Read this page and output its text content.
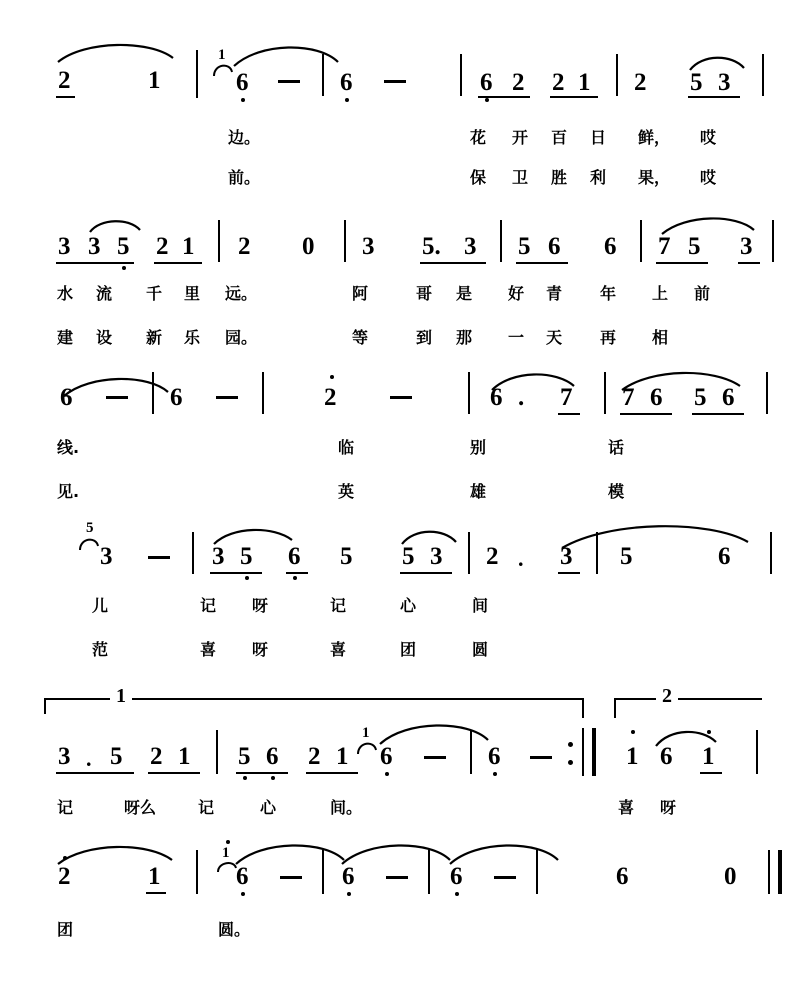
2	1
1
6	6	6 2 2 1 2 5 3
边。	花 开 百 日 鲜， 哎
前。	保 卫 胜 利 果， 哎
3 3 5 2 1 2 0 3 5. 3 5 6 6 7 5 3
水 流 千 里 远。	阿	哥 是 好 青 年 上 前
建 设 新 乐 园。	等	到 那 一 天 再 相
6	6	2	6 . 7 7 6 5 6
线.	临	别	话
见.	英	雄	模
5
3	3 5 6 5 5 3 2 . 3 5	6
儿	记 呀	记	心	间
范	喜 呀	喜	团	圆
1	2
3 . 5 2 1 5 6 2 1
1
6	6	1 6 1
记	呀么	记	心	间。	喜 呀
2	1
1
6	6	6	6	0
团	圆。
